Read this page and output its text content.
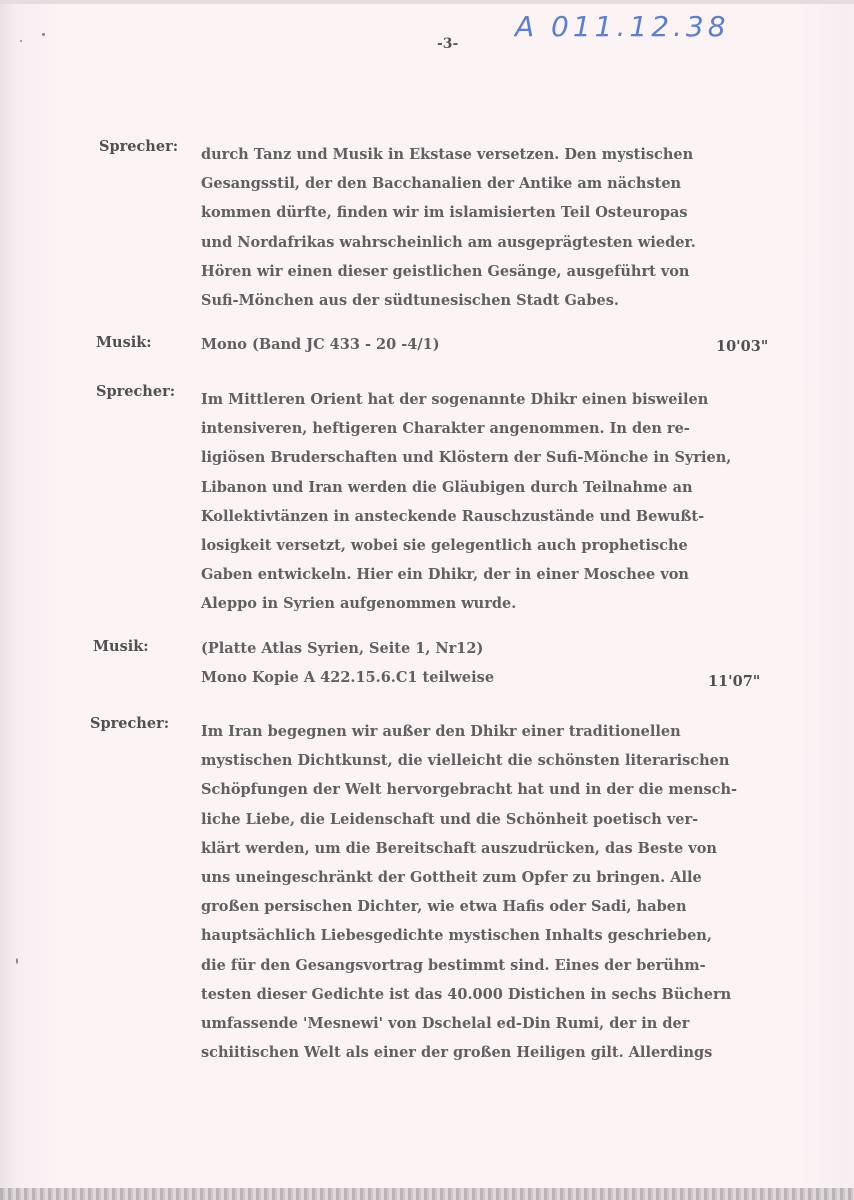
-3-
A 011.12.38
Sprecher: durch Tanz und Musik in Ekstase versetzen. Den mystischen
Gesangsstil, der den Bacchanalien der Antike am nächsten
kommen dürfte, finden wir im islamisierten Teil Osteuropas
und Nordafrikas wahrscheinlich am ausgeprägtesten wieder.
Hören wir einen dieser geistlichen Gesänge, ausgeführt von
Sufi-Mönchen aus der südtunesischen Stadt Gabes.
Musik:	Mono (Band JC 433 - 20 -4/1)	10'03"
Sprecher: Im Mittleren Orient hat der sogenannte Dhikr einen bisweilen
intensiveren, heftigeren Charakter angenommen. In den re-
ligiösen Bruderschaften und Klöstern der Sufi-Mönche in Syrien,
Libanon und Iran werden die Gläubigen durch Teilnahme an
Kollektivtänzen in ansteckende Rauschzustände und Bewußt-
losigkeit versetzt, wobei sie gelegentlich auch prophetische
Gaben entwickeln. Hier ein Dhikr, der in einer Moschee von
Aleppo in Syrien aufgenommen wurde.
Musik:	(Platte Atlas Syrien, Seite 1, Nr12)
Mono Kopie A 422.15.6.C1 teilweise	11'07"
Sprecher: Im Iran begegnen wir außer den Dhikr einer traditionellen
mystischen Dichtkunst, die vielleicht die schönsten literarischen
Schöpfungen der Welt hervorgebracht hat und in der die mensch-
liche Liebe, die Leidenschaft und die Schönheit poetisch ver-
klärt werden, um die Bereitschaft auszudrücken, das Beste von
uns uneingeschränkt der Gottheit zum Opfer zu bringen. Alle
großen persischen Dichter, wie etwa Hafis oder Sadi, haben
hauptsächlich Liebesgedichte mystischen Inhalts geschrieben,
die für den Gesangsvortrag bestimmt sind. Eines der berühm-
testen dieser Gedichte ist das 40.000 Distichen in sechs Büchern
umfassende 'Mesnewi' von Dschelal ed-Din Rumi, der in der
schiitischen Welt als einer der großen Heiligen gilt. Allerdings
